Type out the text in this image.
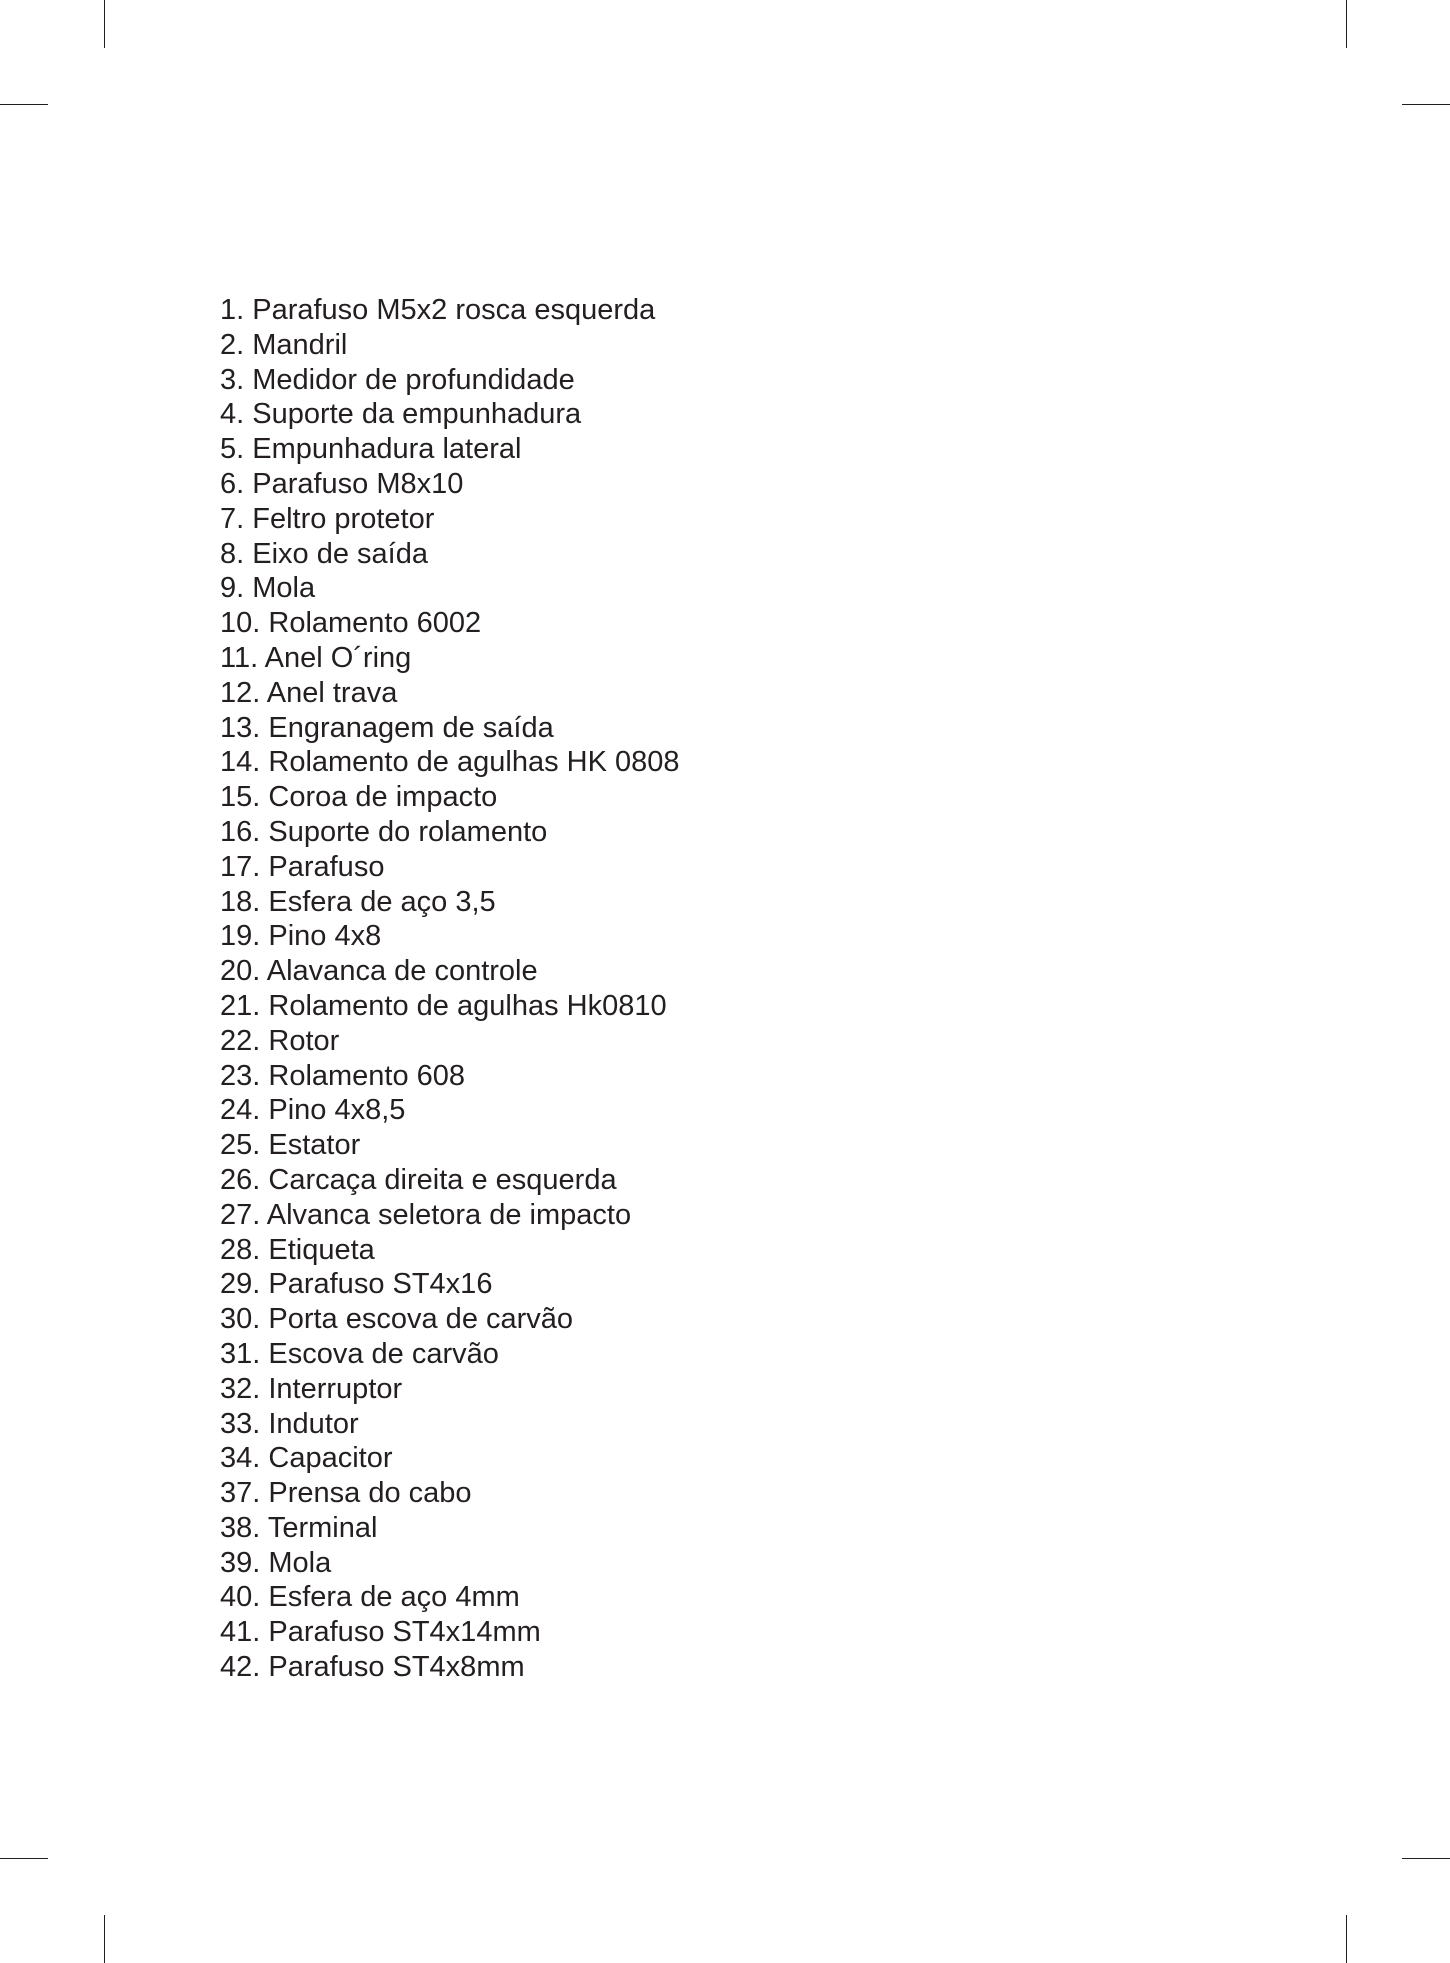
1. Parafuso M5x2 rosca esquerda
2. Mandril
3. Medidor de profundidade
4. Suporte da empunhadura
5. Empunhadura lateral
6. Parafuso M8x10
7. Feltro protetor
8. Eixo de saída
9. Mola
10. Rolamento 6002
11. Anel O´ring
12. Anel trava
13. Engranagem de saída
14. Rolamento de agulhas HK 0808
15. Coroa de impacto
16. Suporte do rolamento
17. Parafuso
18. Esfera de aço 3,5
19. Pino 4x8
20. Alavanca de controle
21. Rolamento de agulhas Hk0810
22. Rotor
23. Rolamento 608
24. Pino 4x8,5
25. Estator
26. Carcaça direita e esquerda
27. Alvanca seletora de impacto
28. Etiqueta
29. Parafuso ST4x16
30. Porta escova de carvão
31. Escova de carvão
32. Interruptor
33. Indutor
34. Capacitor
37. Prensa do cabo
38. Terminal
39. Mola
40. Esfera de aço 4mm
41. Parafuso ST4x14mm
42. Parafuso ST4x8mm
